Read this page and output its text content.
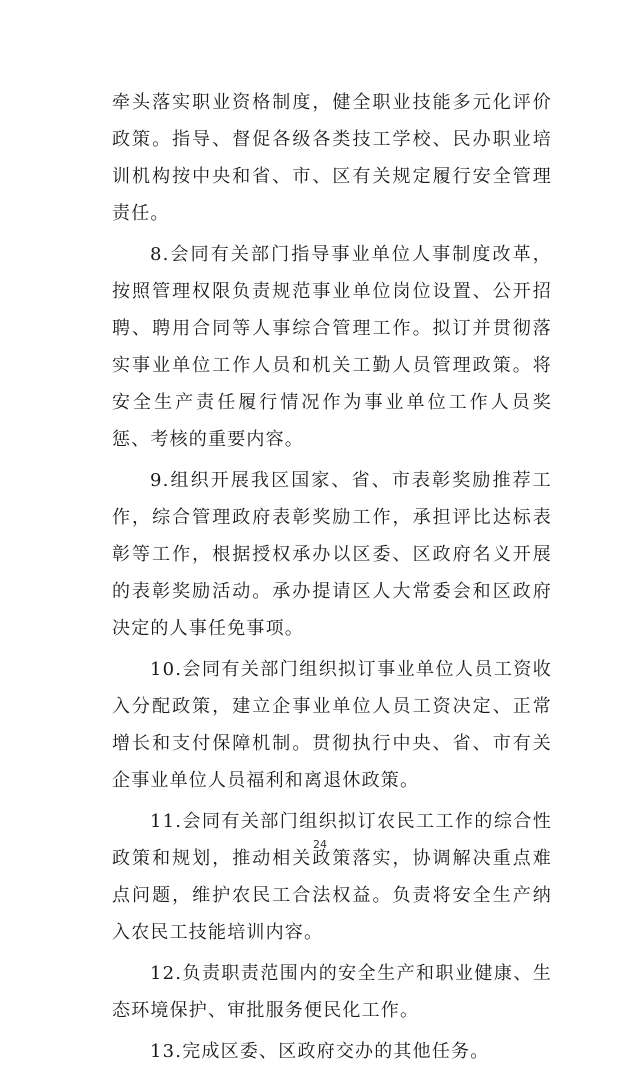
牵头落实职业资格制度，健全职业技能多元化评价政策。指导、督促各级各类技工学校、民办职业培训机构按中央和省、市、区有关规定履行安全管理责任。

8.会同有关部门指导事业单位人事制度改革，按照管理权限负责规范事业单位岗位设置、公开招聘、聘用合同等人事综合管理工作。拟订并贯彻落实事业单位工作人员和机关工勤人员管理政策。将安全生产责任履行情况作为事业单位工作人员奖惩、考核的重要内容。

9.组织开展我区国家、省、市表彰奖励推荐工作，综合管理政府表彰奖励工作，承担评比达标表彰等工作，根据授权承办以区委、区政府名义开展的表彰奖励活动。承办提请区人大常委会和区政府决定的人事任免事项。

10.会同有关部门组织拟订事业单位人员工资收入分配政策，建立企事业单位人员工资决定、正常增长和支付保障机制。贯彻执行中央、省、市有关企事业单位人员福利和离退休政策。

11.会同有关部门组织拟订农民工工作的综合性政策和规划，推动相关政策落实，协调解决重点难点问题，维护农民工合法权益。负责将安全生产纳入农民工技能培训内容。

12.负责职责范围内的安全生产和职业健康、生态环境保护、审批服务便民化工作。

13.完成区委、区政府交办的其他任务。

24
